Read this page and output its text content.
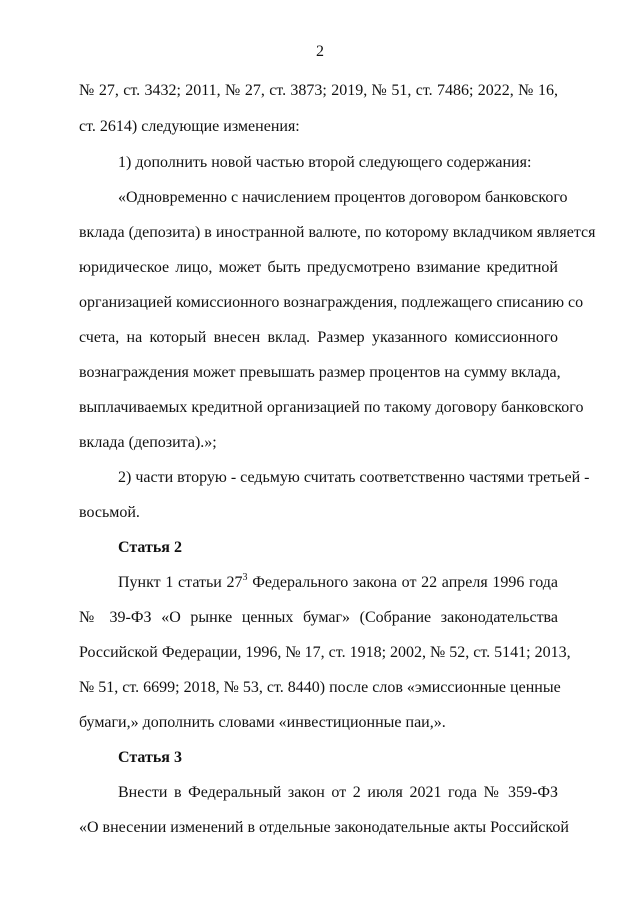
2
№ 27, ст. 3432; 2011, № 27, ст. 3873; 2019, № 51, ст. 7486; 2022, № 16,
ст. 2614) следующие изменения:
1) дополнить новой частью второй следующего содержания:
«Одновременно с начислением процентов договором банковского
вклада (депозита) в иностранной валюте, по которому вкладчиком является
юридическое лицо, может быть предусмотрено взимание кредитной
организацией комиссионного вознаграждения, подлежащего списанию со
счета, на который внесен вклад. Размер указанного комиссионного
вознаграждения может превышать размер процентов на сумму вклада,
выплачиваемых кредитной организацией по такому договору банковского
вклада (депозита).»;
2) части вторую - седьмую считать соответственно частями третьей -
восьмой.
Статья 2
Пункт 1 статьи $27^3$ Федерального закона от 22 апреля 1996 года
№ 39-ФЗ «О рынке ценных бумаг» (Собрание законодательства
Российской Федерации, 1996, № 17, ст. 1918; 2002, № 52, ст. 5141; 2013,
№ 51, ст. 6699; 2018, № 53, ст. 8440) после слов «эмиссионные ценные
бумаги,» дополнить словами «инвестиционные паи,».
Статья 3
Внести в Федеральный закон от 2 июля 2021 года № 359-ФЗ
«О внесении изменений в отдельные законодательные акты Российской
